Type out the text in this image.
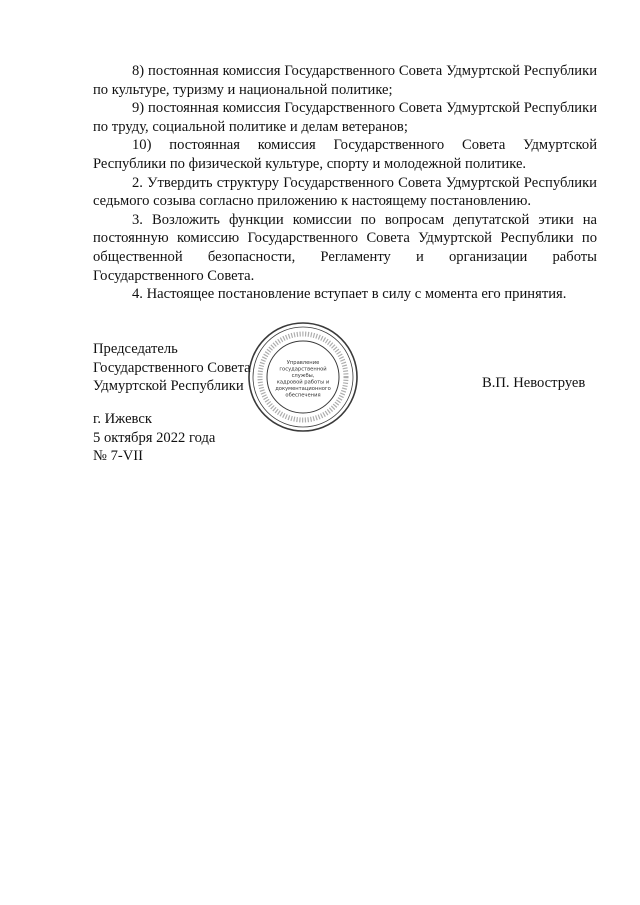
8) постоянная комиссия Государственного Совета Удмуртской Республики по культуре, туризму и национальной политике;

9) постоянная комиссия Государственного Совета Удмуртской Республики по труду, социальной политике и делам ветеранов;

10) постоянная комиссия Государственного Совета Удмуртской Республики по физической культуре, спорту и молодежной политике.

2. Утвердить структуру Государственного Совета Удмуртской Республики седьмого созыва согласно приложению к настоящему постановлению.

3. Возложить функции комиссии по вопросам депутатской этики на постоянную комиссию Государственного Совета Удмуртской Республики по общественной безопасности, Регламенту и организации работы Государственного Совета.

4. Настоящее постановление вступает в силу с момента его принятия.

Управление
государственной
службы,
кадровой работы и
документационного
обеспечения
Председатель
Государственного Совета
Удмуртской Республики	В.П. Невоструев
г. Ижевск
5 октября 2022 года
№ 7-VII
